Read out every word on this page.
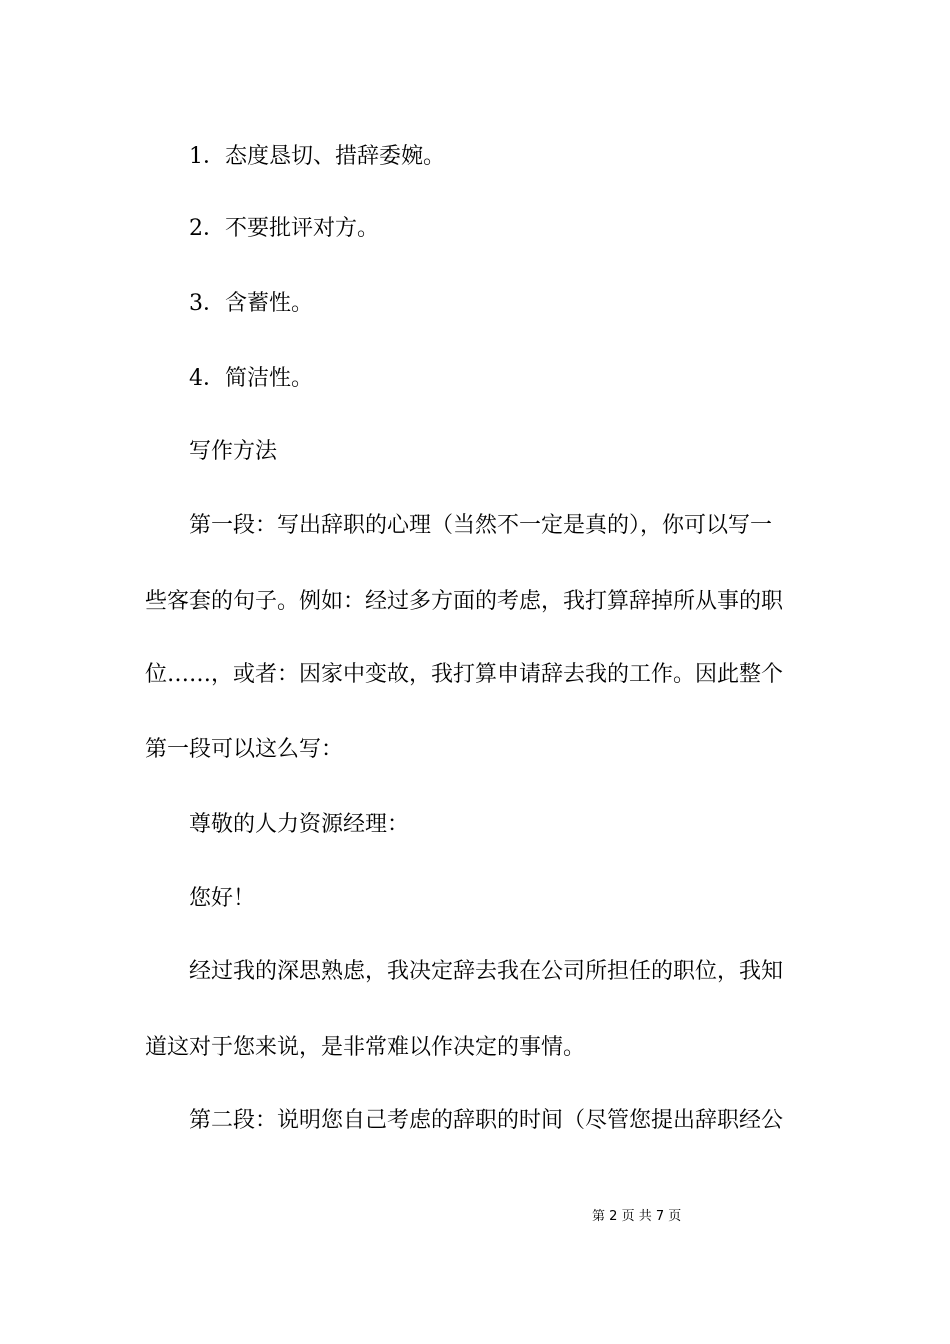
1．态度恳切、措辞委婉。

2．不要批评对方。

3．含蓄性。

4．简洁性。

写作方法

第一段：写出辞职的心理（当然不一定是真的），你可以写一

些客套的句子。例如：经过多方面的考虑，我打算辞掉所从事的职

位……，或者：因家中变故，我打算申请辞去我的工作。因此整个

第一段可以这么写：

尊敬的人力资源经理：

您好！

经过我的深思熟虑，我决定辞去我在公司所担任的职位，我知

道这对于您来说，是非常难以作决定的事情。

第二段：说明您自己考虑的辞职的时间（尽管您提出辞职经公

第 2 页 共 7 页
